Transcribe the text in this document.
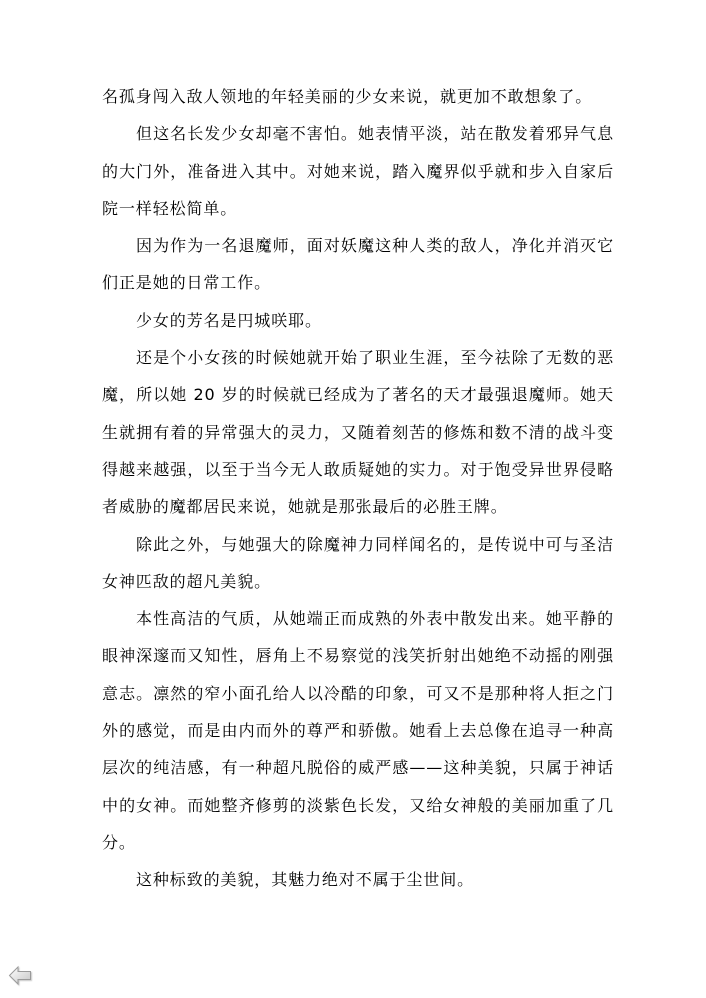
名孤身闯入敌人领地的年轻美丽的少女来说，就更加不敢想象了。
但这名长发少女却毫不害怕。她表情平淡，站在散发着邪异气息
的大门外，准备进入其中。对她来说，踏入魔界似乎就和步入自家后
院一样轻松简单。
因为作为一名退魔师，面对妖魔这种人类的敌人，净化并消灭它
们正是她的日常工作。
少女的芳名是円城咲耶。
还是个小女孩的时候她就开始了职业生涯，至今祛除了无数的恶
魔，所以她 20 岁的时候就已经成为了著名的天才最强退魔师。她天
生就拥有着的异常强大的灵力，又随着刻苦的修炼和数不清的战斗变
得越来越强，以至于当今无人敢质疑她的实力。对于饱受异世界侵略
者威胁的魔都居民来说，她就是那张最后的必胜王牌。
除此之外，与她强大的除魔神力同样闻名的，是传说中可与圣洁
女神匹敌的超凡美貌。
本性高洁的气质，从她端正而成熟的外表中散发出来。她平静的
眼神深邃而又知性，唇角上不易察觉的浅笑折射出她绝不动摇的刚强
意志。凛然的窄小面孔给人以冷酷的印象，可又不是那种将人拒之门
外的感觉，而是由内而外的尊严和骄傲。她看上去总像在追寻一种高
层次的纯洁感，有一种超凡脱俗的威严感——这种美貌，只属于神话
中的女神。而她整齐修剪的淡紫色长发，又给女神般的美丽加重了几
分。
这种标致的美貌，其魅力绝对不属于尘世间。
